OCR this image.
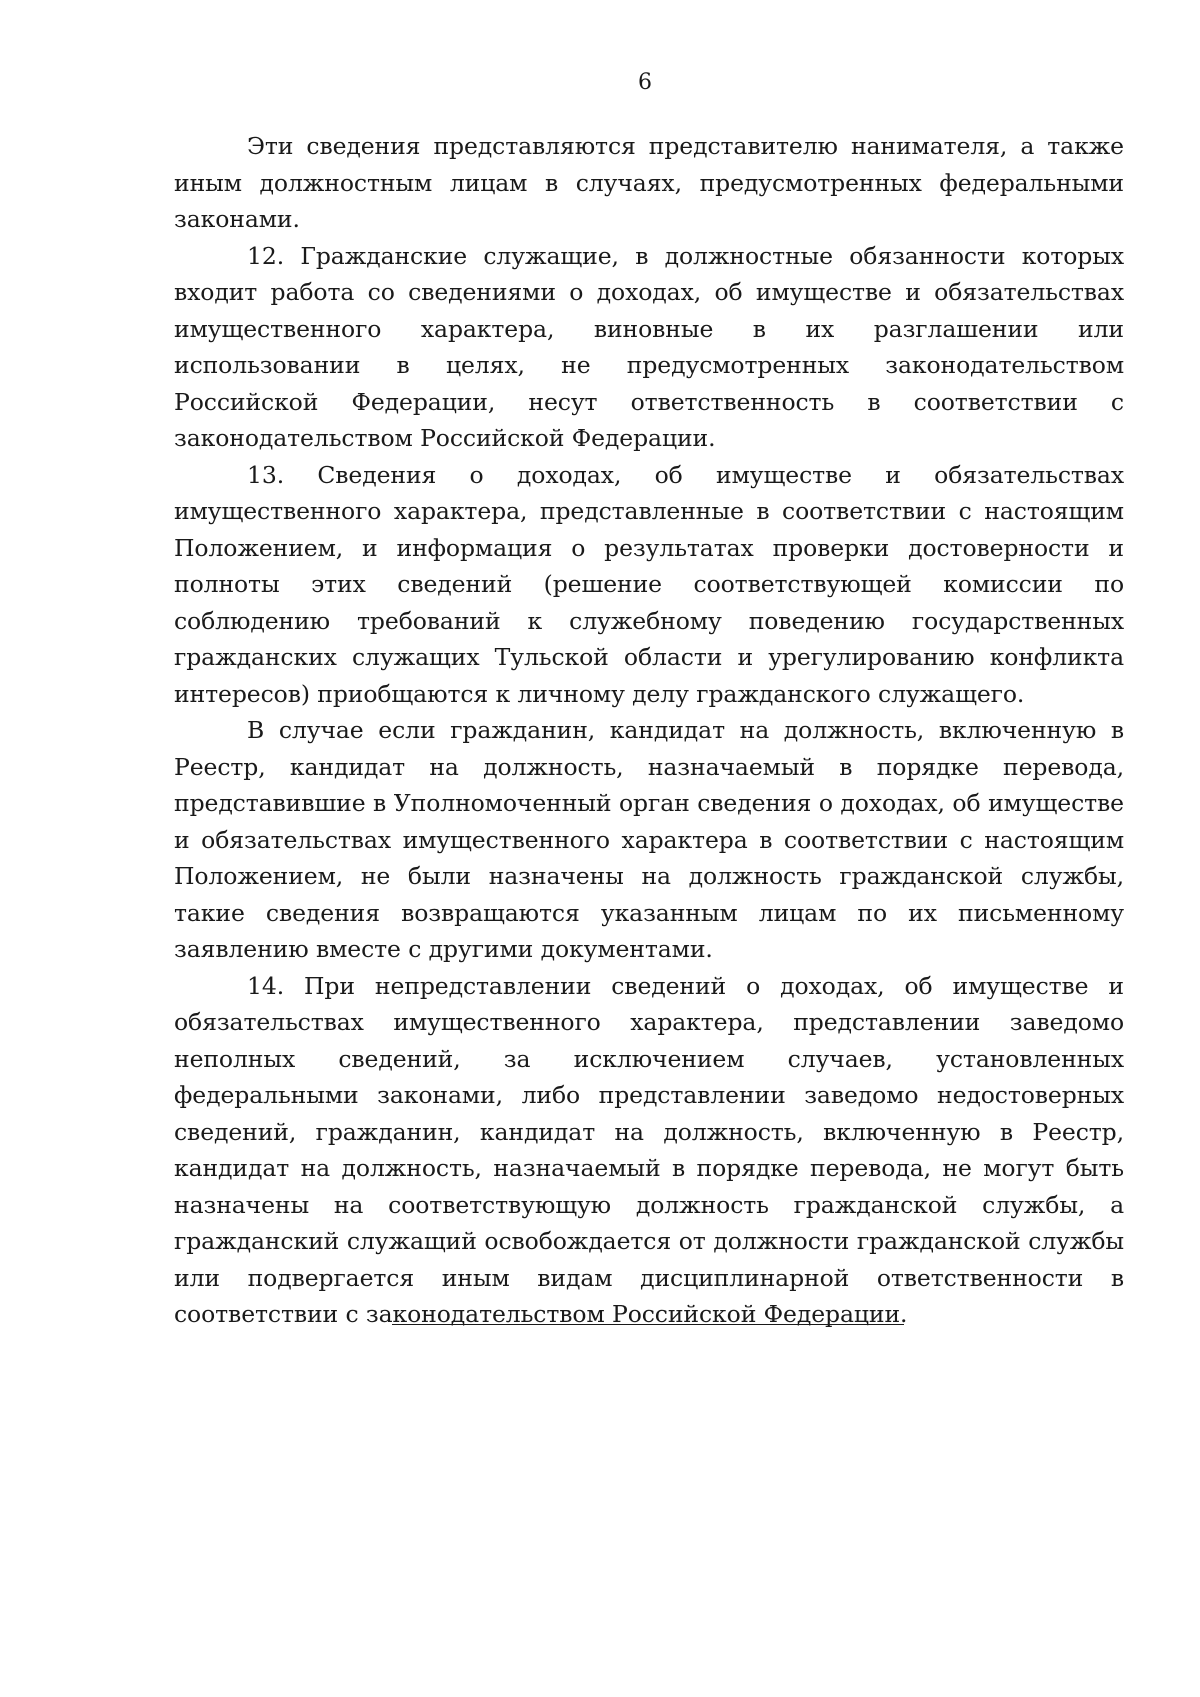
6

Эти сведения представляются представителю нанимателя, а также иным должностным лицам в случаях, предусмотренных федеральными законами.

12. Гражданские служащие, в должностные обязанности которых входит работа со сведениями о доходах, об имуществе и обязательствах имущественного характера, виновные в их разглашении или использовании в целях, не предусмотренных законодательством Российской Федерации, несут ответственность в соответствии с законодательством Российской Федерации.

13. Сведения о доходах, об имуществе и обязательствах имущественного характера, представленные в соответствии с настоящим Положением, и информация о результатах проверки достоверности и полноты этих сведений (решение соответствующей комиссии по соблюдению требований к служебному поведению государственных гражданских служащих Тульской области и урегулированию конфликта интересов) приобщаются к личному делу гражданского служащего.

В случае если гражданин, кандидат на должность, включенную в Реестр, кандидат на должность, назначаемый в порядке перевода, представившие в Уполномоченный орган сведения о доходах, об имуществе и обязательствах имущественного характера в соответствии с настоящим Положением, не были назначены на должность гражданской службы, такие сведения возвращаются указанным лицам по их письменному заявлению вместе с другими документами.

14. При непредставлении сведений о доходах, об имуществе и обязательствах имущественного характера, представлении заведомо неполных сведений, за исключением случаев, установленных федеральными законами, либо представлении заведомо недостоверных сведений, гражданин, кандидат на должность, включенную в Реестр, кандидат на должность, назначаемый в порядке перевода, не могут быть назначены на соответствующую должность гражданской службы, а гражданский служащий освобождается от должности гражданской службы или подвергается иным видам дисциплинарной ответственности в соответствии с законодательством Российской Федерации.
